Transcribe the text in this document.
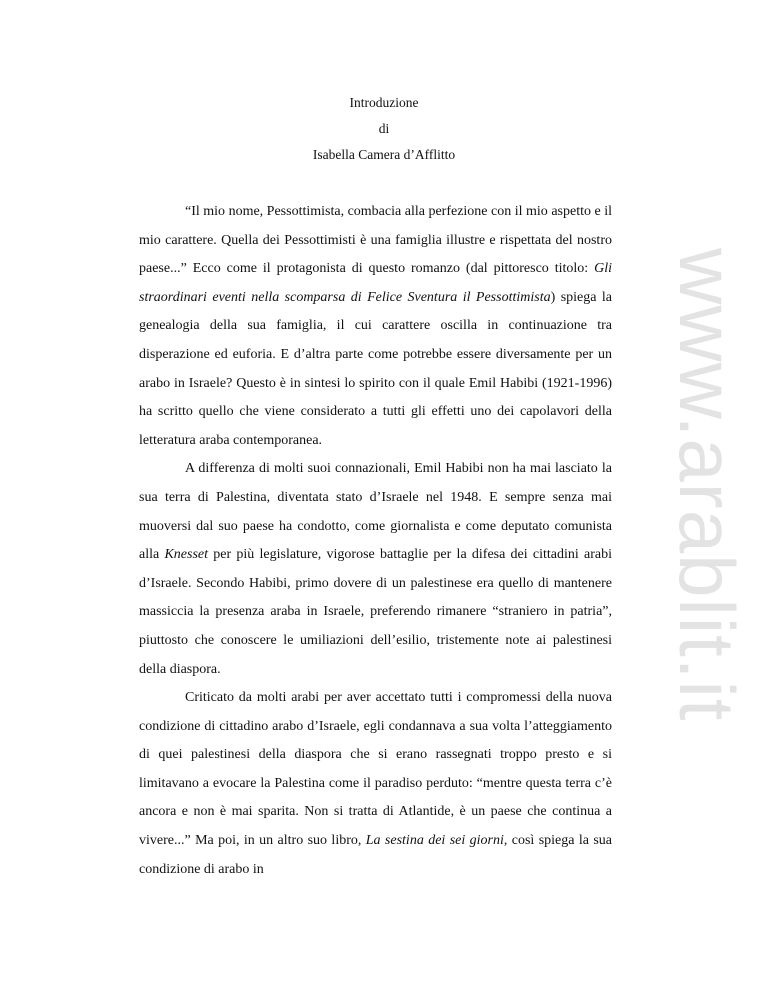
Introduzione
di
Isabella Camera d’Afflitto

“Il mio nome, Pessottimista, combacia alla perfezione con il mio aspetto e il mio carattere. Quella dei Pessottimisti è una famiglia illustre e rispettata del nostro paese...” Ecco come il protagonista di questo romanzo (dal pittoresco titolo: Gli straordinari eventi nella scomparsa di Felice Sventura il Pessottimista) spiega la genealogia della sua famiglia, il cui carattere oscilla in continuazione tra disperazione ed euforia. E d’altra parte come potrebbe essere diversamente per un arabo in Israele? Questo è in sintesi lo spirito con il quale Emil Habibi (1921-1996) ha scritto quello che viene considerato a tutti gli effetti uno dei capolavori della letteratura araba contemporanea.

A differenza di molti suoi connazionali, Emil Habibi non ha mai lasciato la sua terra di Palestina, diventata stato d’Israele nel 1948. E sempre senza mai muoversi dal suo paese ha condotto, come giornalista e come deputato comunista alla Knesset per più legislature, vigorose battaglie per la difesa dei cittadini arabi d’Israele. Secondo Habibi, primo dovere di un palestinese era quello di mantenere massiccia la presenza araba in Israele, preferendo rimanere “straniero in patria”, piuttosto che conoscere le umiliazioni dell’esilio, tristemente note ai palestinesi della diaspora.

Criticato da molti arabi per aver accettato tutti i compromessi della nuova condizione di cittadino arabo d’Israele, egli condannava a sua volta l’atteggiamento di quei palestinesi della diaspora che si erano rassegnati troppo presto e si limitavano a evocare la Palestina come il paradiso perduto: “mentre questa terra c’è ancora e non è mai sparita. Non si tratta di Atlantide, è un paese che continua a vivere...” Ma poi, in un altro suo libro, La sestina dei sei giorni, così spiega la sua condizione di arabo in

www.arablit.it
